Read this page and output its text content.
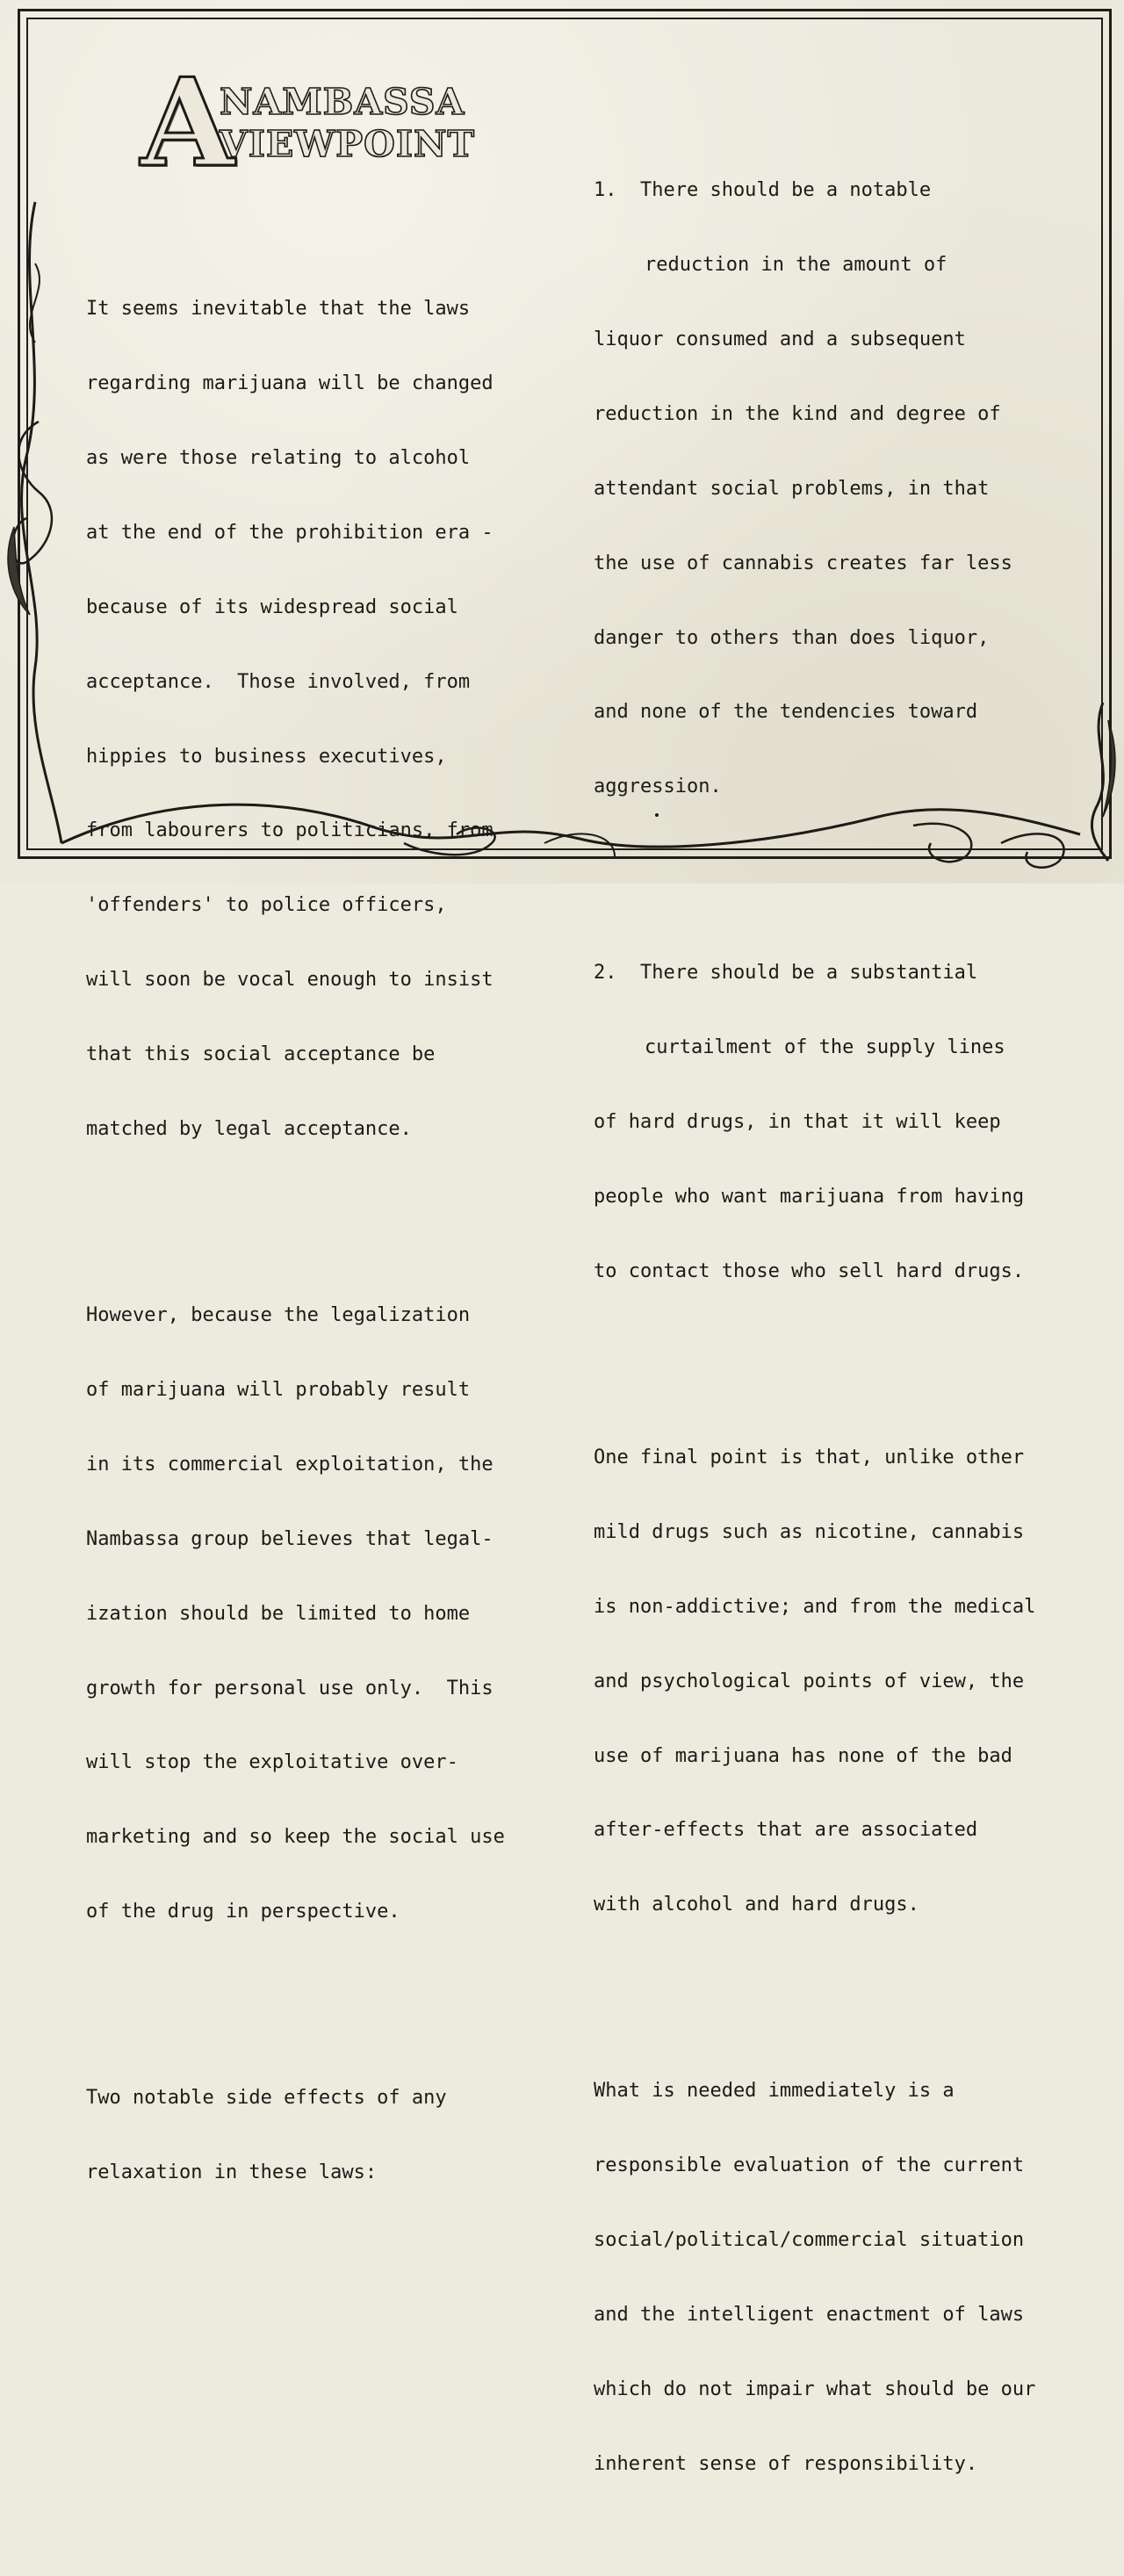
A
NAMBASSA
VIEWPOINT

It seems inevitable that the laws

regarding marijuana will be changed

as were those relating to alcohol

at the end of the prohibition era -

because of its widespread social

acceptance.  Those involved, from

hippies to business executives,

from labourers to politicians, from

'offenders' to police officers,

will soon be vocal enough to insist

that this social acceptance be

matched by legal acceptance.

However, because the legalization

of marijuana will probably result

in its commercial exploitation, the

Nambassa group believes that legal-

ization should be limited to home

growth for personal use only.  This

will stop the exploitative over-

marketing and so keep the social use

of the drug in perspective.

Two notable side effects of any

relaxation in these laws:

1.  There should be a notable

reduction in the amount of

liquor consumed and a subsequent

reduction in the kind and degree of

attendant social problems, in that

the use of cannabis creates far less

danger to others than does liquor,

and none of the tendencies toward

aggression.

2.  There should be a substantial

curtailment of the supply lines

of hard drugs, in that it will keep

people who want marijuana from having

to contact those who sell hard drugs.

One final point is that, unlike other

mild drugs such as nicotine, cannabis

is non-addictive; and from the medical

and psychological points of view, the

use of marijuana has none of the bad

after-effects that are associated

with alcohol and hard drugs.

What is needed immediately is a

responsible evaluation of the current

social/political/commercial situation

and the intelligent enactment of laws

which do not impair what should be our

inherent sense of responsibility.
